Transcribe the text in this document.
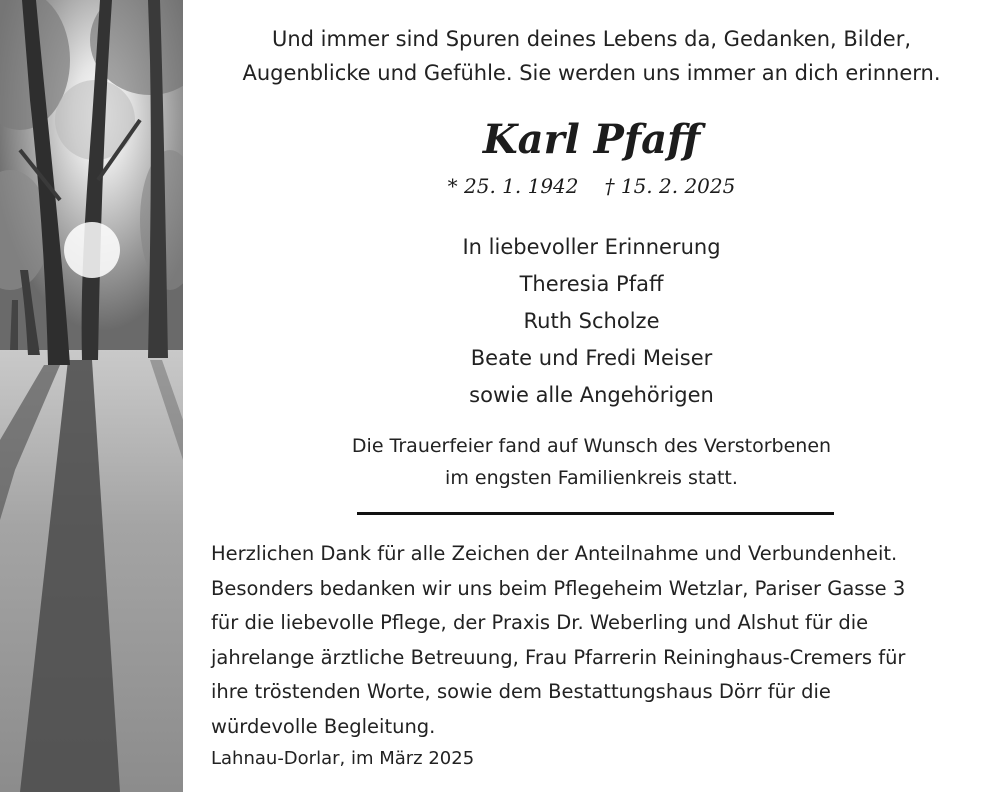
Und immer sind Spuren deines Lebens da, Gedanken, Bilder,
Augenblicke und Gefühle. Sie werden uns immer an dich erinnern.
Karl Pfaff
* 25. 1. 1942 † 15. 2. 2025
In liebevoller Erinnerung
Theresia Pfaff
Ruth Scholze
Beate und Fredi Meiser
sowie alle Angehörigen
Die Trauerfeier fand auf Wunsch des Verstorbenen
im engsten Familienkreis statt.
Herzlichen Dank für alle Zeichen der Anteilnahme und Verbundenheit.
Besonders bedanken wir uns beim Pflegeheim Wetzlar, Pariser Gasse 3
für die liebevolle Pflege, der Praxis Dr. Weberling und Alshut für die
jahrelange ärztliche Betreuung, Frau Pfarrerin Reininghaus-Cremers für
ihre tröstenden Worte, sowie dem Bestattungshaus Dörr für die
würdevolle Begleitung.
Lahnau-Dorlar, im März 2025
